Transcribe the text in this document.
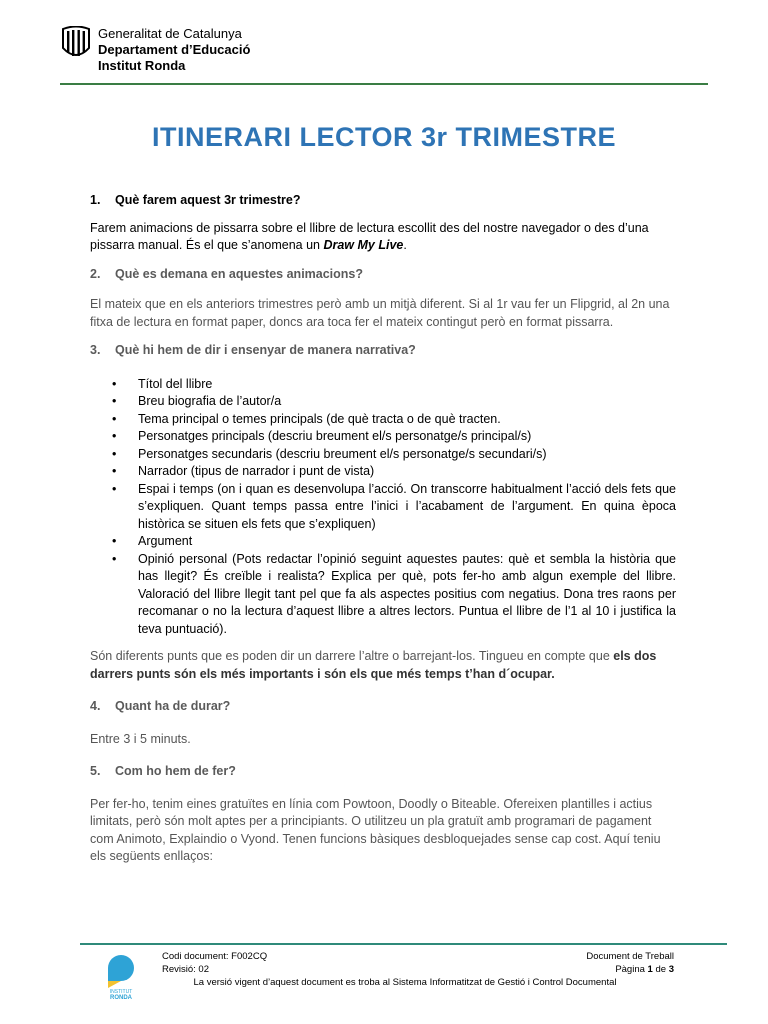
Generalitat de Catalunya
Departament d’Educació
Institut Ronda
ITINERARI LECTOR 3r TRIMESTRE

1. Què farem aquest 3r trimestre?

Farem animacions de pissarra sobre el llibre de lectura escollit des del nostre navegador o des d’una pissarra manual. És el que s’anomena un Draw My Live.

2. Què es demana en aquestes animacions?

El mateix que en els anteriors trimestres però amb un mitjà diferent. Si al 1r vau fer un Flipgrid, al 2n una fitxa de lectura en format paper, doncs ara toca fer el mateix contingut però en format pissarra.

3. Què hi hem de dir i ensenyar de manera narrativa?

• Títol del llibre
• Breu biografia de l’autor/a
• Tema principal o temes principals (de què tracta o de què tracten.
• Personatges principals (descriu breument el/s personatge/s principal/s)
• Personatges secundaris (descriu breument el/s personatge/s secundari/s)
• Narrador (tipus de narrador i punt de vista)
• Espai i temps (on i quan es desenvolupa l’acció. On transcorre habitualment l’acció dels fets que s’expliquen. Quant temps passa entre l’inici i l’acabament de l’argument. En quina època històrica se situen els fets que s’expliquen)
• Argument
• Opinió personal (Pots redactar l’opinió seguint aquestes pautes: què et sembla la història que has llegit? És creïble i realista? Explica per què, pots fer-ho amb algun exemple del llibre. Valoració del llibre llegit tant pel que fa als aspectes positius com negatius. Dona tres raons per recomanar o no la lectura d’aquest llibre a altres lectors. Puntua el llibre de l’1 al 10 i justifica la teva puntuació).

Són diferents punts que es poden dir un darrere l’altre o barrejant-los. Tingueu en compte que els dos darrers punts són els més importants i són els que més temps t’han d´ocupar.

4. Quant ha de durar?

Entre 3 i 5 minuts.

5. Com ho hem de fer?

Per fer-ho, tenim eines gratuïtes en línia com Powtoon, Doodly o Biteable. Ofereixen plantilles i actius limitats, però són molt aptes per a principiants. O utilitzeu un pla gratuït amb programari de pagament com Animoto, Explaindio o Vyond. Tenen funcions bàsiques desbloquejades sense cap cost. Aquí teniu els següents enllaços:

INSTITUT
RONDA
Codi document: F002CQ
Revisió: 02
Document de Treball
Pàgina 1 de 3
La versió vigent d’aquest document es troba al Sistema Informatitzat de Gestió i Control Documental
